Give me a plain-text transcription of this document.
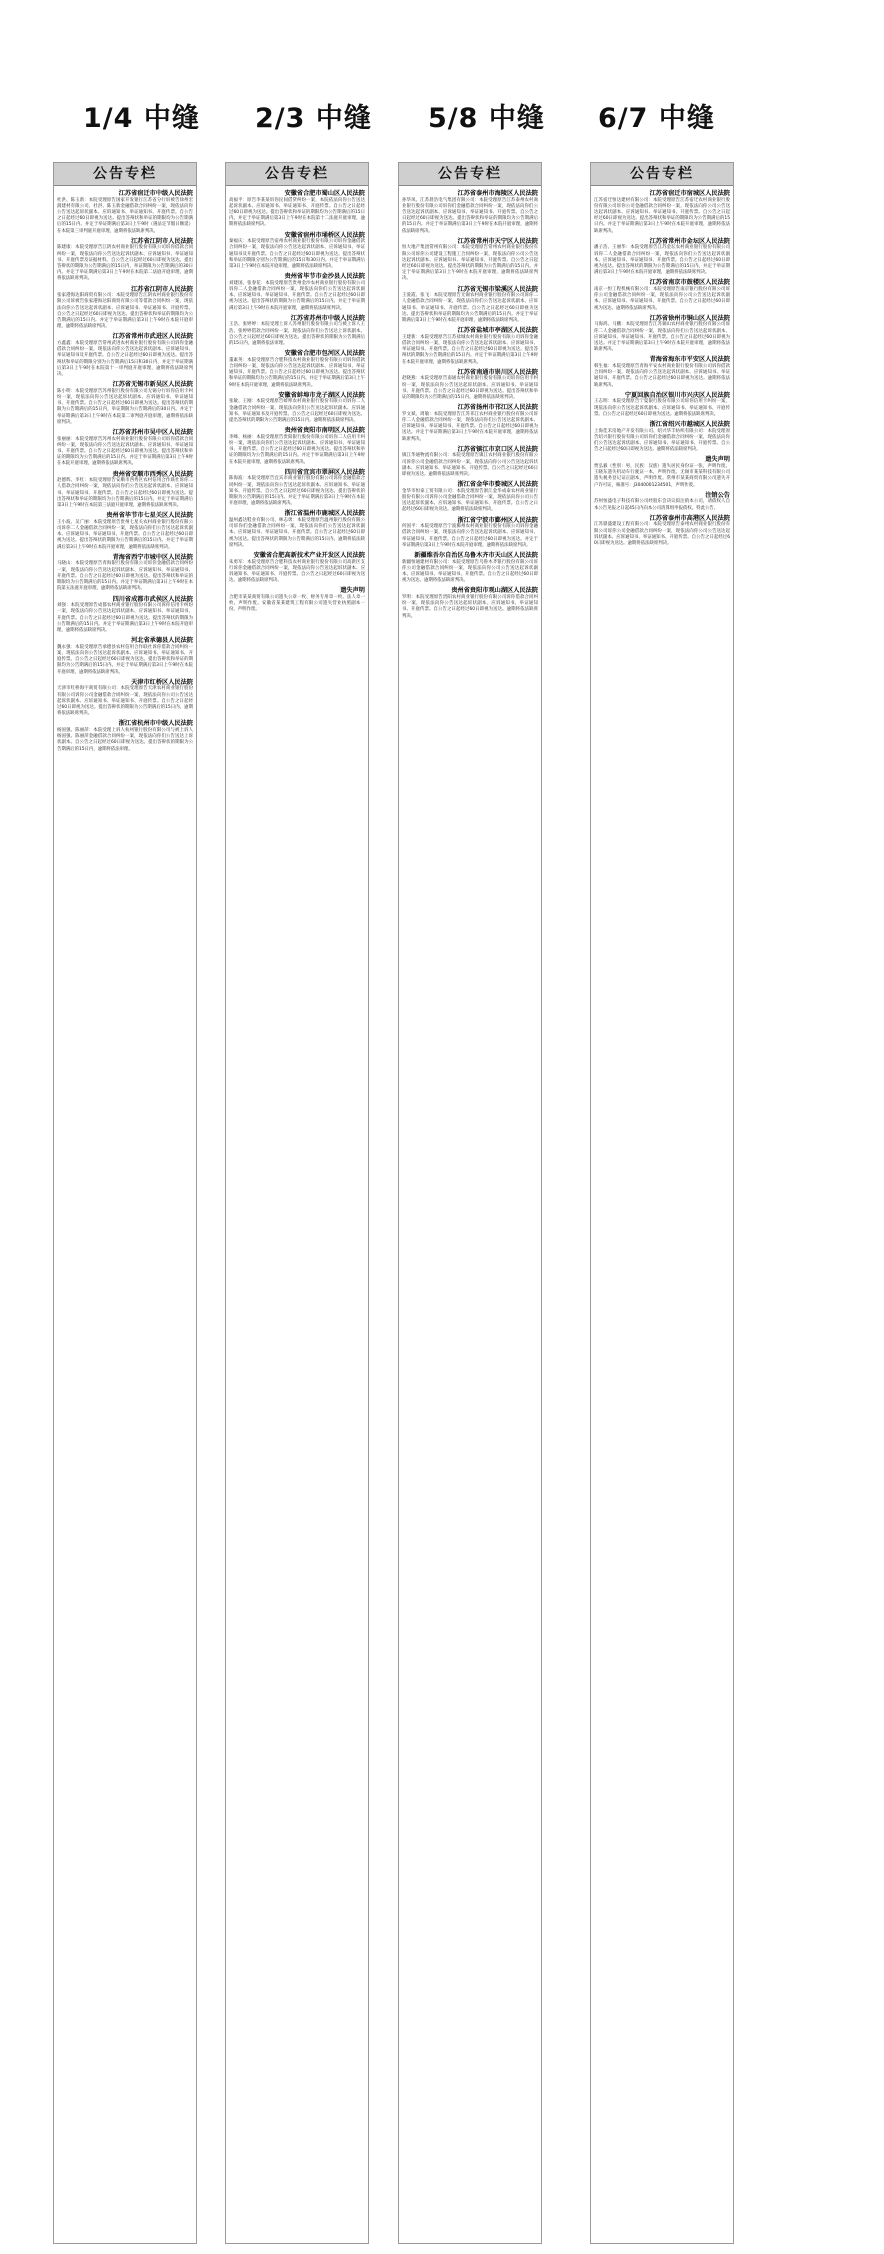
1/4 中缝
公告专栏
江苏省宿迁市中级人民法院
杜洪、陈玉新：本院受理原告国家开发银行江苏省分行诉被告徐州宏润建材有限公司、杜洪、陈玉新金融借款合同纠纷一案，现依法向你公告送达起诉状副本、应诉通知书、举证通知书、开庭传票。自公告之日起经过60日即视为送达。提出答辩状和举证的期限均为公告期满后的15日内。并定于举证期满后第3日上午9时（遇法定节假日顺延）在本院第三审判庭开庭审理，逾期将依法缺席判决。
江苏省江阴市人民法院
陈建康：本院受理原告江阴农村商业银行股份有限公司诉你借款合同纠纷一案，现依法向你公告送达起诉状副本、应诉通知书、举证通知书、开庭传票及证据材料。自公告之日起经过60日即视为送达。提出答辩状的期限为公告期满后的15日内，举证期限为公告期满后的30日内。并定于举证期满后第3日上午9时在本院第二法庭开庭审理，逾期将依法缺席判决。
江苏省江阴市人民法院
张家港海达阳商贸有限公司：本院受理原告江阴农村商业银行股份有限公司诉被告张家港海达阳商贸有限公司等借款合同纠纷一案，现依法向你公告送达起诉状副本、应诉通知书、举证通知书、开庭传票。自公告之日起经过60日即视为送达。提出答辩状和举证的期限均为公告期满后的15日内。并定于举证期满后第3日上午9时在本院开庭审理，逾期将依法缺席判决。
江苏省常州市武进区人民法院
方鑫鑫：本院受理原告常州武进农村商业银行股份有限公司诉你金融借款合同纠纷一案，现依法向你公告送达起诉状副本、应诉通知书、举证通知书及开庭传票。自公告之日起经过60日即视为送达。提出答辩状和举证的期限分别为公告期满后15日和30日内，并定于举证期满后第3日上午9时在本院第十一审判庭开庭审理，逾期将依法缺席判决。
江苏省无锡市新吴区人民法院
陈小明：本院受理原告苏州银行股份有限公司无锡分行诉你信用卡纠纷一案，现依法向你公告送达起诉状副本、应诉通知书、举证通知书、开庭传票。自公告之日起经过60日即视为送达。提出答辩状的期限为公告期满后的15日内，举证期限为公告期满后的30日内。并定于举证期满后第3日上午9时在本院第二审判庭开庭审理，逾期将依法缺席判决。
江苏省苏州市吴中区人民法院
张丽丽：本院受理原告苏州农村商业银行股份有限公司诉你借款合同纠纷一案，现依法向你公告送达起诉状副本、应诉通知书、举证通知书、开庭传票。自公告之日起经过60日即视为送达。提出答辩状和举证的期限均为公告期满后的15日内。并定于举证期满后第3日上午9时在本院开庭审理，逾期将依法缺席判决。
贵州省安顺市西秀区人民法院
赵德辉、李红：本院受理原告安顺市西秀区农村信用合作联社诉你二人借款合同纠纷一案，现依法向你们公告送达起诉状副本、应诉通知书、举证通知书、开庭传票。自公告之日起经过60日即视为送达。提出答辩状和举证的期限均为公告期满后的15日内。并定于举证期满后第3日上午9时在本院第三法庭开庭审理，逾期将依法缺席判决。
贵州省毕节市七星关区人民法院
王小波、吴广丽：本院受理原告贵州七星关农村商业银行股份有限公司诉你二人金融借款合同纠纷一案，现依法向你们公告送达起诉状副本、应诉通知书、举证通知书、开庭传票。自公告之日起经过60日即视为送达。提出答辩状的期限为公告期满后的15日内。并定于举证期满后第3日上午9时在本院开庭审理，逾期将依法缺席判决。
青海省西宁市城中区人民法院
马晓山：本院受理原告青海银行股份有限公司诉你金融借款合同纠纷一案，现依法向你公告送达起诉状副本、应诉通知书、举证通知书、开庭传票。自公告之日起经过60日即视为送达。提出答辩状和举证的期限均为公告期满后的15日内。并定于举证期满后第3日上午9时在本院第五法庭开庭审理，逾期将依法缺席判决。
四川省成都市武侯区人民法院
刘强：本院受理原告成都农村商业银行股份有限公司诉你信用卡纠纷一案，现依法向你公告送达起诉状副本、应诉通知书、举证通知书、开庭传票。自公告之日起经过60日即视为送达。提出答辩状的期限为公告期满后的15日内。并定于举证期满后第3日上午9时在本院开庭审理，逾期将依法缺席判决。
河北省承德县人民法院
魏永强：本院受理原告承德县农村信用合作联社诉你借款合同纠纷一案，现依法向你公告送达起诉状副本、应诉通知书、举证通知书、开庭传票。自公告之日起经过60日即视为送达。提出答辩状和举证的期限均为公告期满后的15日内。并定于举证期满后第3日上午9时在本院开庭审理，逾期将依法缺席判决。
天津市红桥区人民法院
天津市红桥海宇商贸有限公司：本院受理原告天津农村商业银行股份有限公司诉你公司金融借款合同纠纷一案，现依法向你公司公告送达起诉状副本、应诉通知书、举证通知书、开庭传票。自公告之日起经过60日即视为送达。提出答辩状的期限为公告期满后的15日内。逾期将依法缺席判决。
浙江省杭州市中级人民法院
杨国强、陈丽萍：本院受理上诉人杭州银行股份有限公司与被上诉人杨国强、陈丽萍金融借款合同纠纷一案，现依法向你们公告送达上诉状副本。自公告之日起经过60日即视为送达。提出答辩状的期限为公告期满后的15日内，逾期将依法审理。
2/3 中缝
公告专栏
安徽省合肥市蜀山区人民法院
高福平：原告李某某诉你民间借贷纠纷一案，本院依法向你公告送达起诉状副本、应诉通知书、举证通知书、开庭传票。自公告之日起经过60日即视为送达。提出答辩状和举证的期限均为公告期满后的15日内。并定于举证期满后第3日上午9时在本院第十二法庭开庭审理，逾期将依法缺席判决。
安徽省宿州市埇桥区人民法院
秦福庆：本院受理原告宿州农村商业银行股份有限公司诉你金融借款合同纠纷一案，现依法向你公告送达起诉状副本、应诉通知书、举证通知书及开庭传票。自公告之日起经过60日即视为送达。提出答辩状和举证的期限分别为公告期满后的15日和30日内。并定于举证期满后第3日上午9时在本院开庭审理，逾期将依法缺席判决。
贵州省毕节市金沙县人民法院
刘建国、张春花：本院受理原告贵州金沙农村商业银行股份有限公司诉你二人金融借款合同纠纷一案，现依法向你们公告送达起诉状副本、应诉通知书、举证通知书、开庭传票。自公告之日起经过60日即视为送达。提出答辩状的期限为公告期满后的15日内。并定于举证期满后第3日上午9时在本院开庭审理，逾期将依法缺席判决。
江苏省苏州市中级人民法院
王浩、张婷婷：本院受理上诉人苏州银行股份有限公司与被上诉人王浩、张婷婷借款合同纠纷一案，现依法向你们公告送达上诉状副本。自公告之日起经过60日即视为送达。提出答辩状的期限为公告期满后的15日内，逾期将依法审理。
安徽省合肥市包河区人民法院
董素英：本院受理原告合肥科技农村商业银行股份有限公司诉你借款合同纠纷一案，现依法向你公告送达起诉状副本、应诉通知书、举证通知书、开庭传票。自公告之日起经过60日即视为送达。提出答辩状和举证的期限均为公告期满后的15日内。并定于举证期满后第3日上午9时在本院开庭审理，逾期将依法缺席判决。
安徽省蚌埠市龙子湖区人民法院
张敏、王刚：本院受理原告蚌埠农村商业银行股份有限公司诉你二人金融借款合同纠纷一案，现依法向你们公告送达起诉状副本、应诉通知书、举证通知书及开庭传票。自公告之日起经过60日即视为送达。提出答辩状的期限为公告期满后的15日内。逾期将依法缺席判决。
贵州省贵阳市南明区人民法院
李峰、杨丽：本院受理原告贵阳银行股份有限公司诉你二人信用卡纠纷一案，现依法向你们公告送达起诉状副本、应诉通知书、举证通知书、开庭传票。自公告之日起经过60日即视为送达。提出答辩状和举证的期限均为公告期满后的15日内。并定于举证期满后第3日上午9时在本院开庭审理，逾期将依法缺席判决。
四川省宜宾市翠屏区人民法院
陈海波：本院受理原告宜宾市商业银行股份有限公司诉你金融借款合同纠纷一案，现依法向你公告送达起诉状副本、应诉通知书、举证通知书、开庭传票。自公告之日起经过60日即视为送达。提出答辩状的期限为公告期满后的15日内。并定于举证期满后第3日上午9时在本院开庭审理，逾期将依法缺席判决。
浙江省温州市鹿城区人民法院
温州鑫达鞋业有限公司、林志勇：本院受理原告温州银行股份有限公司诉你们金融借款合同纠纷一案，现依法向你们公告送达起诉状副本、应诉通知书、举证通知书、开庭传票。自公告之日起经过60日即视为送达。提出答辩状的期限为公告期满后的15日内。逾期将依法缺席判决。
安徽省合肥高新技术产业开发区人民法院
朱勇军：本院受理原告合肥科技农村商业银行股份有限公司高新区支行诉你金融借款合同纠纷一案，现依法向你公告送达起诉状副本、应诉通知书、举证通知书、开庭传票。自公告之日起经过60日即视为送达。逾期将依法缺席判决。
遗失声明
合肥市某某商贸有限公司遗失公章一枚、财务专用章一枚、法人章一枚，声明作废。安徽省某某建筑工程有限公司遗失营业执照副本一份，声明作废。
5/8 中缝
公告专栏
江苏省泰州市海陵区人民法院
孙华凤、江苏晨浩电气集团有限公司：本院受理原告江苏泰州农村商业银行股份有限公司诉你们金融借款合同纠纷一案，现依法向你们公告送达起诉状副本、应诉通知书、举证通知书、开庭传票。自公告之日起经过60日即视为送达。提出答辩状和举证的期限均为公告期满后的15日内。并定于举证期满后第3日上午9时在本院开庭审理，逾期将依法缺席判决。
江苏省常州市天宁区人民法院
恒大地产集团常州有限公司：本院受理原告常州农村商业银行股份有限公司诉你公司建设工程施工合同纠纷一案，现依法向你公司公告送达起诉状副本、应诉通知书、举证通知书、开庭传票。自公告之日起经过60日即视为送达。提出答辩状的期限为公告期满后的15日内。并定于举证期满后第3日上午9时在本院开庭审理，逾期将依法缺席判决。
江苏省无锡市梁溪区人民法院
王爱霞、张飞：本院受理原告无锡农村商业银行股份有限公司诉你二人金融借款合同纠纷一案，现依法向你们公告送达起诉状副本、应诉通知书、举证通知书、开庭传票。自公告之日起经过60日即视为送达。提出答辩状和举证的期限均为公告期满后的15日内。并定于举证期满后第3日上午9时在本院开庭审理，逾期将依法缺席判决。
江苏省盐城市亭湖区人民法院
王建新：本院受理原告江苏盐城农村商业银行股份有限公司诉你金融借款合同纠纷一案，现依法向你公告送达起诉状副本、应诉通知书、举证通知书、开庭传票。自公告之日起经过60日即视为送达。提出答辩状的期限为公告期满后的15日内。并定于举证期满后第3日上午9时在本院开庭审理，逾期将依法缺席判决。
江苏省南通市崇川区人民法院
赵晓燕：本院受理原告南通农村商业银行股份有限公司诉你信用卡纠纷一案，现依法向你公告送达起诉状副本、应诉通知书、举证通知书、开庭传票。自公告之日起经过60日即视为送达。提出答辩状和举证的期限均为公告期满后的15日内。逾期将依法缺席判决。
江苏省扬州市邗江区人民法院
罗文斌、周敏：本院受理原告江苏邗江农村商业银行股份有限公司诉你二人金融借款合同纠纷一案，现依法向你们公告送达起诉状副本、应诉通知书、举证通知书、开庭传票。自公告之日起经过60日即视为送达。并定于举证期满后第3日上午9时在本院开庭审理，逾期将依法缺席判决。
江苏省镇江市京口区人民法院
镇江华通物流有限公司：本院受理原告镇江农村商业银行股份有限公司诉你公司金融借款合同纠纷一案，现依法向你公司公告送达起诉状副本、应诉通知书、举证通知书、开庭传票。自公告之日起经过60日即视为送达。逾期将依法缺席判决。
浙江省金华市婺城区人民法院
金华市恒泰工贸有限公司：本院受理原告浙江金华成泰农村商业银行股份有限公司诉你公司金融借款合同纠纷一案，现依法向你公司公告送达起诉状副本、应诉通知书、举证通知书、开庭传票。自公告之日起经过60日即视为送达。逾期将依法缺席判决。
浙江省宁波市鄞州区人民法院
何国平：本院受理原告宁波鄞州农村商业银行股份有限公司诉你金融借款合同纠纷一案，现依法向你公告送达起诉状副本、应诉通知书、举证通知书、开庭传票。自公告之日起经过60日即视为送达。并定于举证期满后第3日上午9时在本院开庭审理，逾期将依法缺席判决。
新疆维吾尔自治区乌鲁木齐市天山区人民法院
新疆恒通建材有限公司：本院受理原告乌鲁木齐银行股份有限公司诉你公司金融借款合同纠纷一案，现依法向你公司公告送达起诉状副本、应诉通知书、举证通知书、开庭传票。自公告之日起经过60日即视为送达。逾期将依法缺席判决。
贵州省贵阳市观山湖区人民法院
罗明：本院受理原告贵阳农村商业银行股份有限公司诉你借款合同纠纷一案，现依法向你公告送达起诉状副本、应诉通知书、举证通知书、开庭传票。自公告之日起经过60日即视为送达。逾期将依法缺席判决。
6/7 中缝
公告专栏
江苏省宿迁市宿城区人民法院
江苏宿迁恒达建材有限公司：本院受理原告江苏宿迁农村商业银行股份有限公司诉你公司金融借款合同纠纷一案，现依法向你公司公告送达起诉状副本、应诉通知书、举证通知书、开庭传票。自公告之日起经过60日即视为送达。提出答辩状和举证的期限均为公告期满后的15日内。并定于举证期满后第3日上午9时在本院开庭审理，逾期将依法缺席判决。
江苏省常州市金坛区人民法院
潘子浩、王丽华：本院受理原告江苏金坛农村商业银行股份有限公司诉你二人金融借款合同纠纷一案，现依法向你们公告送达起诉状副本、应诉通知书、举证通知书、开庭传票。自公告之日起经过60日即视为送达。提出答辩状的期限为公告期满后的15日内。并定于举证期满后第3日上午9时在本院开庭审理，逾期将依法缺席判决。
江苏省南京市鼓楼区人民法院
南京一恒工程机械有限公司：本院受理原告南京银行股份有限公司诉你公司金融借款合同纠纷一案，现依法向你公司公告送达起诉状副本、应诉通知书、举证通知书、开庭传票。自公告之日起经过60日即视为送达。逾期将依法缺席判决。
江苏省徐州市铜山区人民法院
马海鸿、马鹏：本院受理原告江苏铜山农村商业银行股份有限公司诉你二人金融借款合同纠纷一案，现依法向你们公告送达起诉状副本、应诉通知书、举证通知书、开庭传票。自公告之日起经过60日即视为送达。并定于举证期满后第3日上午9时在本院开庭审理，逾期将依法缺席判决。
青海省海东市平安区人民法院
韩生福：本院受理原告青海平安农村商业银行股份有限公司诉你借款合同纠纷一案，现依法向你公告送达起诉状副本、应诉通知书、举证通知书、开庭传票。自公告之日起经过60日即视为送达。逾期将依法缺席判决。
宁夏回族自治区银川市兴庆区人民法院
王志明：本院受理原告宁夏银行股份有限公司诉你信用卡纠纷一案，现依法向你公告送达起诉状副本、应诉通知书、举证通知书、开庭传票。自公告之日起经过60日即视为送达。逾期将依法缺席判决。
浙江省绍兴市越城区人民法院
上海佳禾房地产开发有限公司、绍兴华丰纺织有限公司：本院受理原告绍兴银行股份有限公司诉你们金融借款合同纠纷一案，现依法向你们公告送达起诉状副本、应诉通知书、举证通知书、开庭传票。自公告之日起经过60日即视为送达。逾期将依法缺席判决。
遗失声明
贾弘毅（性别：男，民族：汉族）遗失居民身份证一张，声明作废。王晓东遗失机动车行驶证一本，声明作废。无锡市某某科技有限公司遗失税务登记证正副本，声明作废。常州市某某商贸有限公司遗失开户许可证，核准号：J3040001234501，声明作废。
注销公告
苏州恒盛电子科技有限公司经股东会决议拟注销本公司，请债权人自本公告见报之日起45日内向本公司清算组申报债权。特此公告。
江苏省泰州市高港区人民法院
江苏鼎盛建设工程有限公司：本院受理原告泰州农村商业银行股份有限公司诉你公司金融借款合同纠纷一案，现依法向你公司公告送达起诉状副本、应诉通知书、举证通知书、开庭传票。自公告之日起经过60日即视为送达。逾期将依法缺席判决。
